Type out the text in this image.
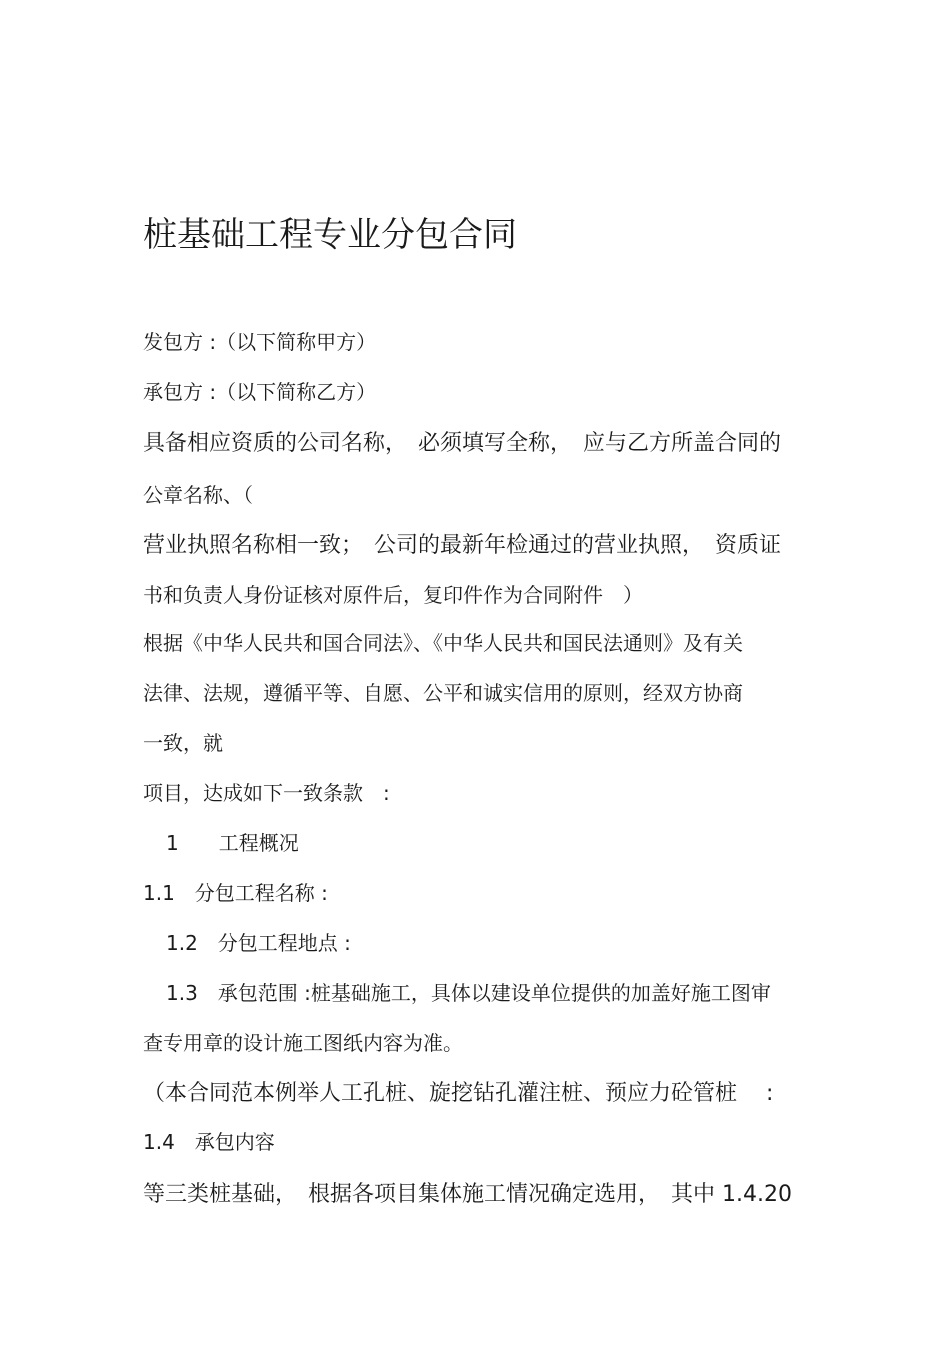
桩基础工程专业分包合同
发包方 :（以下简称甲方）
承包方 :（以下简称乙方）
具备相应资质的公司名称，　必须填写全称，　应与乙方所盖合同的
公章名称、（
营业执照名称相一致；　公司的最新年检通过的营业执照，　资质证
书和负责人身份证核对原件后，复印件作为合同附件　）
根据《中华人民共和国合同法》、《中华人民共和国民法通则》及有关
法律、法规，遵循平等、自愿、公平和诚实信用的原则，经双方协商
一致，就
项目，达成如下一致条款　:
1　　工程概况
1.1　分包工程名称 :
1.2　分包工程地点 :
1.3　承包范围 :桩基础施工，具体以建设单位提供的加盖好施工图审
查专用章的设计施工图纸内容为准。
（本合同范本例举人工孔桩、旋挖钻孔灌注桩、预应力砼管桩　 :
1.4　承包内容
等三类桩基础，　根据各项目集体施工情况确定选用，　其中 1.4.20
